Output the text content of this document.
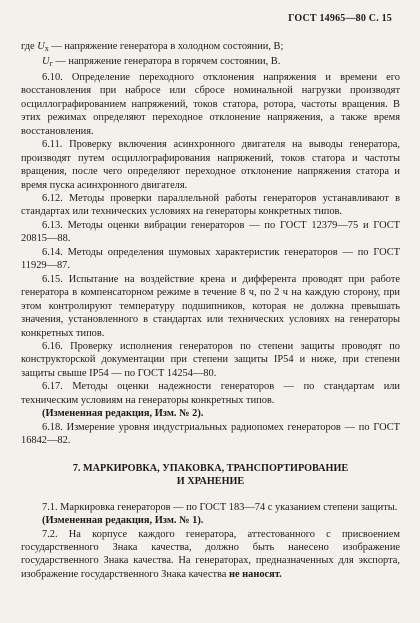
ГОСТ 14965—80 С. 15

где $U_х$ — напряжение генератора в холодном состоянии, В;

$U_г$ — напряжение генератора в горячем состоянии, В.

6.10. Определение переходного отклонения напряжения и времени его восстановления при набросе или сбросе номинальной нагрузки производят осциллографированием напряжений, токов статора, ротора, частоты вращения. В этих режимах определяют переходное отклонение напряжения, а также время восстановления.

6.11. Проверку включения асинхронного двигателя на выводы генератора, производят путем осциллографирования напряжений, токов статора и частоты вращения, после чего определяют переходное отклонение напряжения статора и время пуска асинхронного двигателя.

6.12. Методы проверки параллельной работы генераторов устанавливают в стандартах или технических условиях на генераторы конкретных типов.

6.13. Методы оценки вибрации генераторов — по ГОСТ 12379—75 и ГОСТ 20815—88.

6.14. Методы определения шумовых характеристик генераторов — по ГОСТ 11929—87.

6.15. Испытание на воздействие крена и дифферента проводят при работе генератора в компенсаторном режиме в течение 8 ч, по 2 ч на каждую сторону, при этом контролируют температуру подшипников, которая не должна превышать значения, установленного в стандартах или технических условиях на генераторы конкретных типов.

6.16. Проверку исполнения генераторов по степени защиты проводят по конструкторской документации при степени защиты IP54 и ниже, при степени защиты свыше IP54 — по ГОСТ 14254—80.

6.17. Методы оценки надежности генераторов — по стандартам или техническим условиям на генераторы конкретных типов.

(Измененная редакция, Изм. № 2).

6.18. Измерение уровня индустриальных радиопомех генераторов — по ГОСТ 16842—82.

7. МАРКИРОВКА, УПАКОВКА, ТРАНСПОРТИРОВАНИЕ
И ХРАНЕНИЕ

7.1. Маркировка генераторов — по ГОСТ 183—74 с указанием степени защиты.

(Измененная редакция, Изм. № 1).

7.2. На корпусе каждого генератора, аттестованного с присвоением государственного Знака качества, должно быть нанесено изображение государственного Знака качества. На генераторах, предназначенных для экспорта, изображение государственного Знака качества не наносят.
